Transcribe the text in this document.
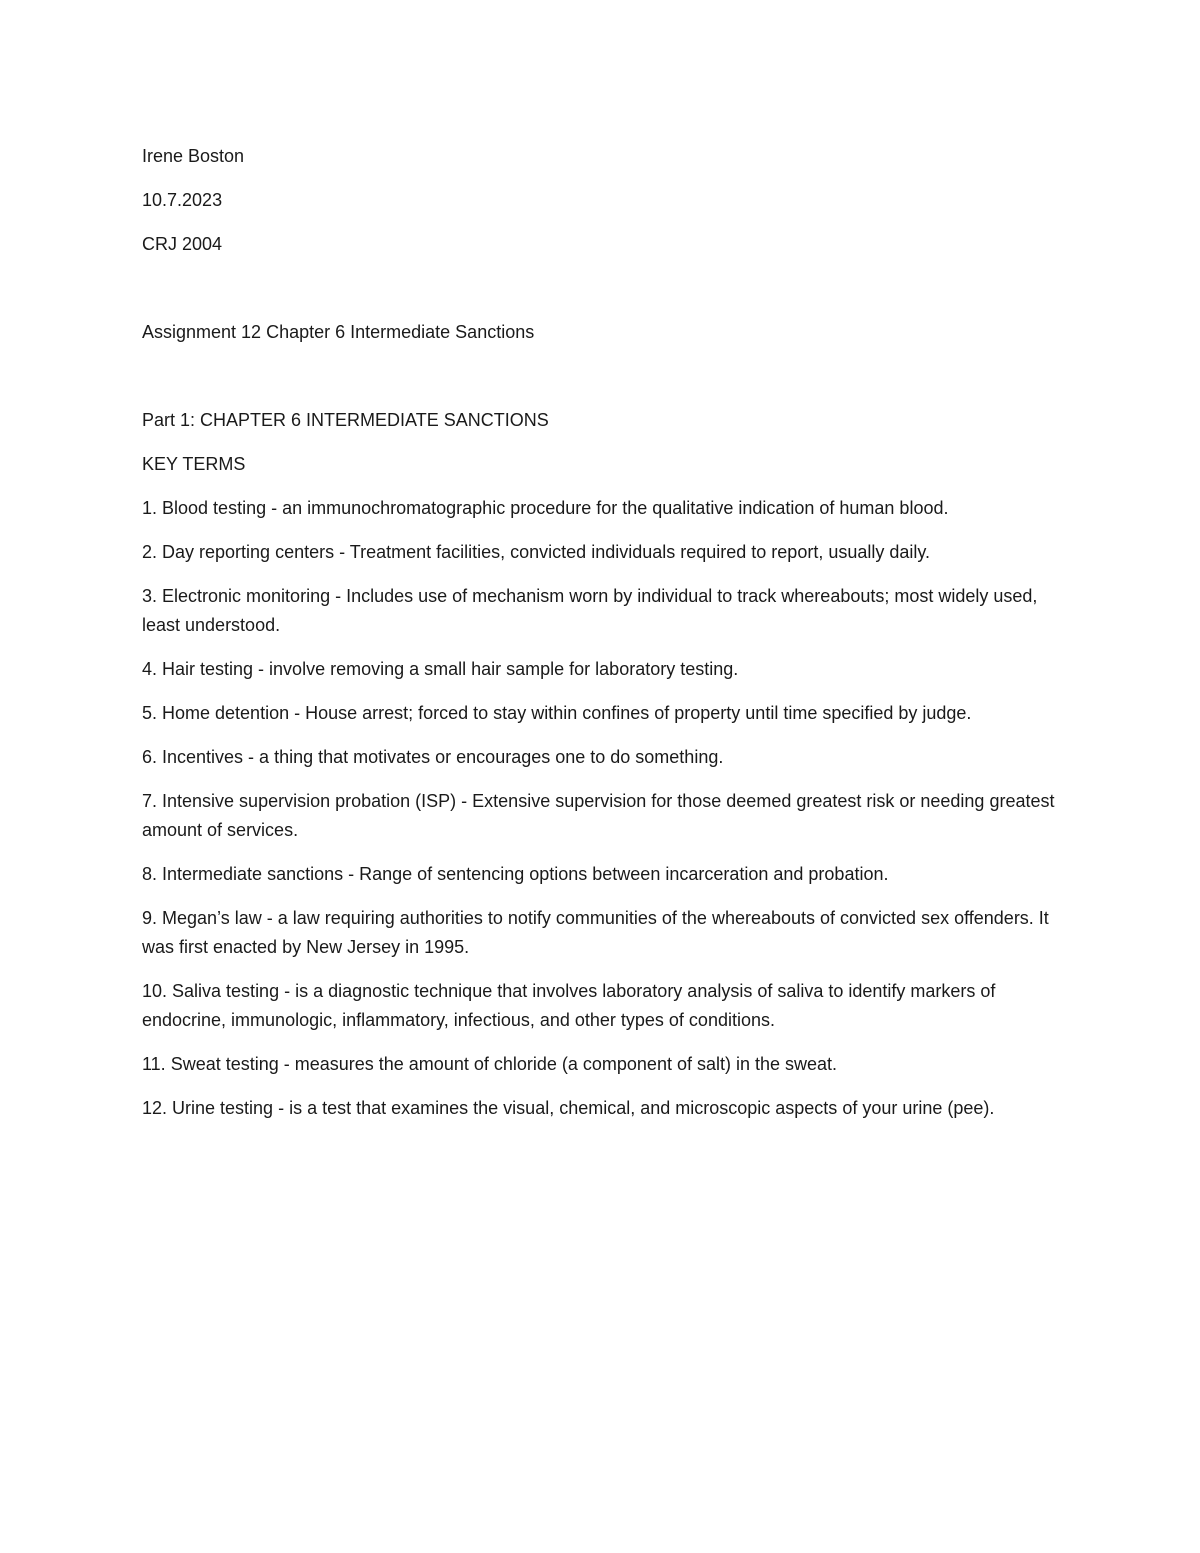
Irene Boston

10.7.2023

CRJ 2004

Assignment 12 Chapter 6 Intermediate Sanctions

Part 1: CHAPTER 6 INTERMEDIATE SANCTIONS

KEY TERMS

1. Blood testing - an immunochromatographic procedure for the qualitative indication of human blood.
2. Day reporting centers - Treatment facilities, convicted individuals required to report, usually daily.
3. Electronic monitoring - Includes use of mechanism worn by individual to track whereabouts; most widely used, least understood.
4. Hair testing - involve removing a small hair sample for laboratory testing.
5. Home detention - House arrest; forced to stay within confines of property until time specified by judge.
6. Incentives - a thing that motivates or encourages one to do something.
7. Intensive supervision probation (ISP) - Extensive supervision for those deemed greatest risk or needing greatest amount of services.
8. Intermediate sanctions - Range of sentencing options between incarceration and probation.
9. Megan’s law - a law requiring authorities to notify communities of the whereabouts of convicted sex offenders. It was first enacted by New Jersey in 1995.
10. Saliva testing - is a diagnostic technique that involves laboratory analysis of saliva to identify markers of endocrine, immunologic, inflammatory, infectious, and other types of conditions.
11. Sweat testing - measures the amount of chloride (a component of salt) in the sweat.
12. Urine testing - is a test that examines the visual, chemical, and microscopic aspects of your urine (pee).
